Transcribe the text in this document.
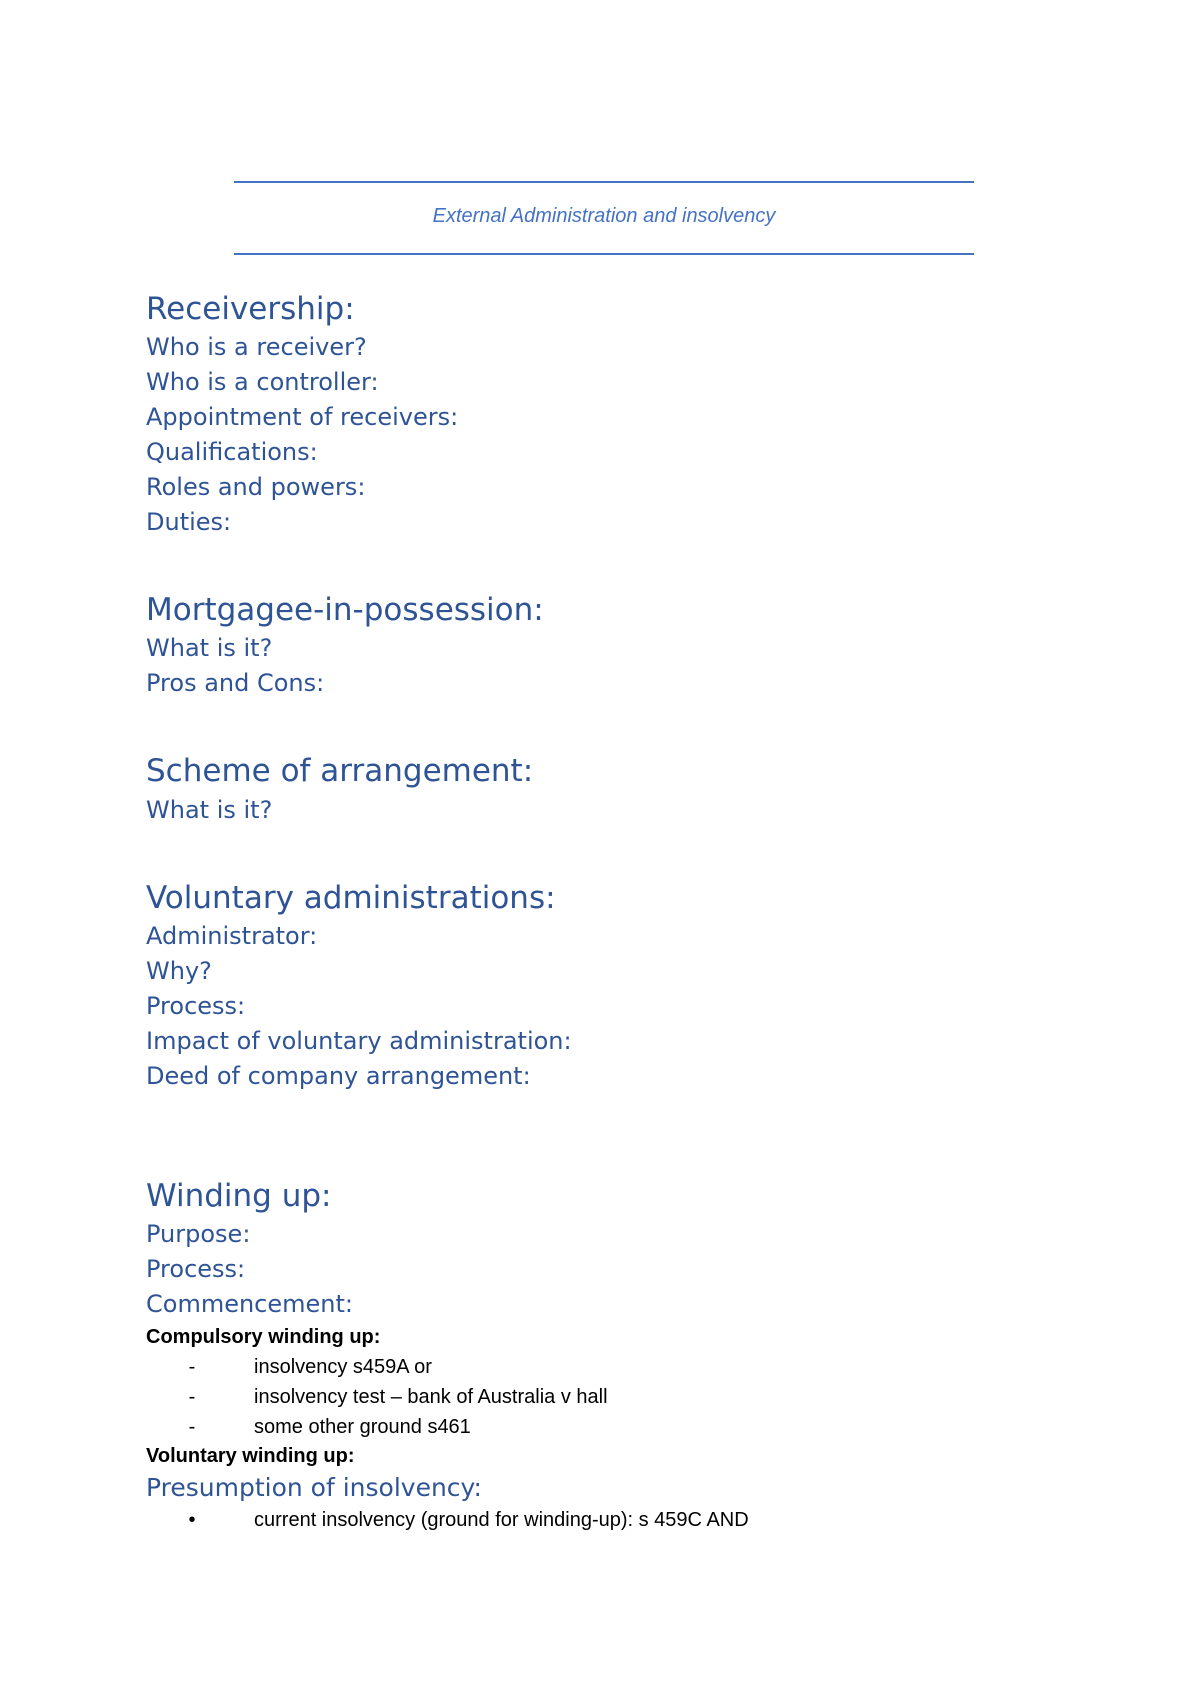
External Administration and insolvency
Receivership:
Who is a receiver?
Who is a controller:
Appointment of receivers:
Qualifications:
Roles and powers:
Duties:
Mortgagee-in-possession:
What is it?
Pros and Cons:
Scheme of arrangement:
What is it?
Voluntary administrations:
Administrator:
Why?
Process:
Impact of voluntary administration:
Deed of company arrangement:
Winding up:
Purpose:
Process:
Commencement:
Compulsory winding up:
-	insolvency s459A or
-	insolvency test – bank of Australia v hall
-	some other ground s461
Voluntary winding up:
Presumption of insolvency:
•	current insolvency (ground for winding-up): s 459C AND
